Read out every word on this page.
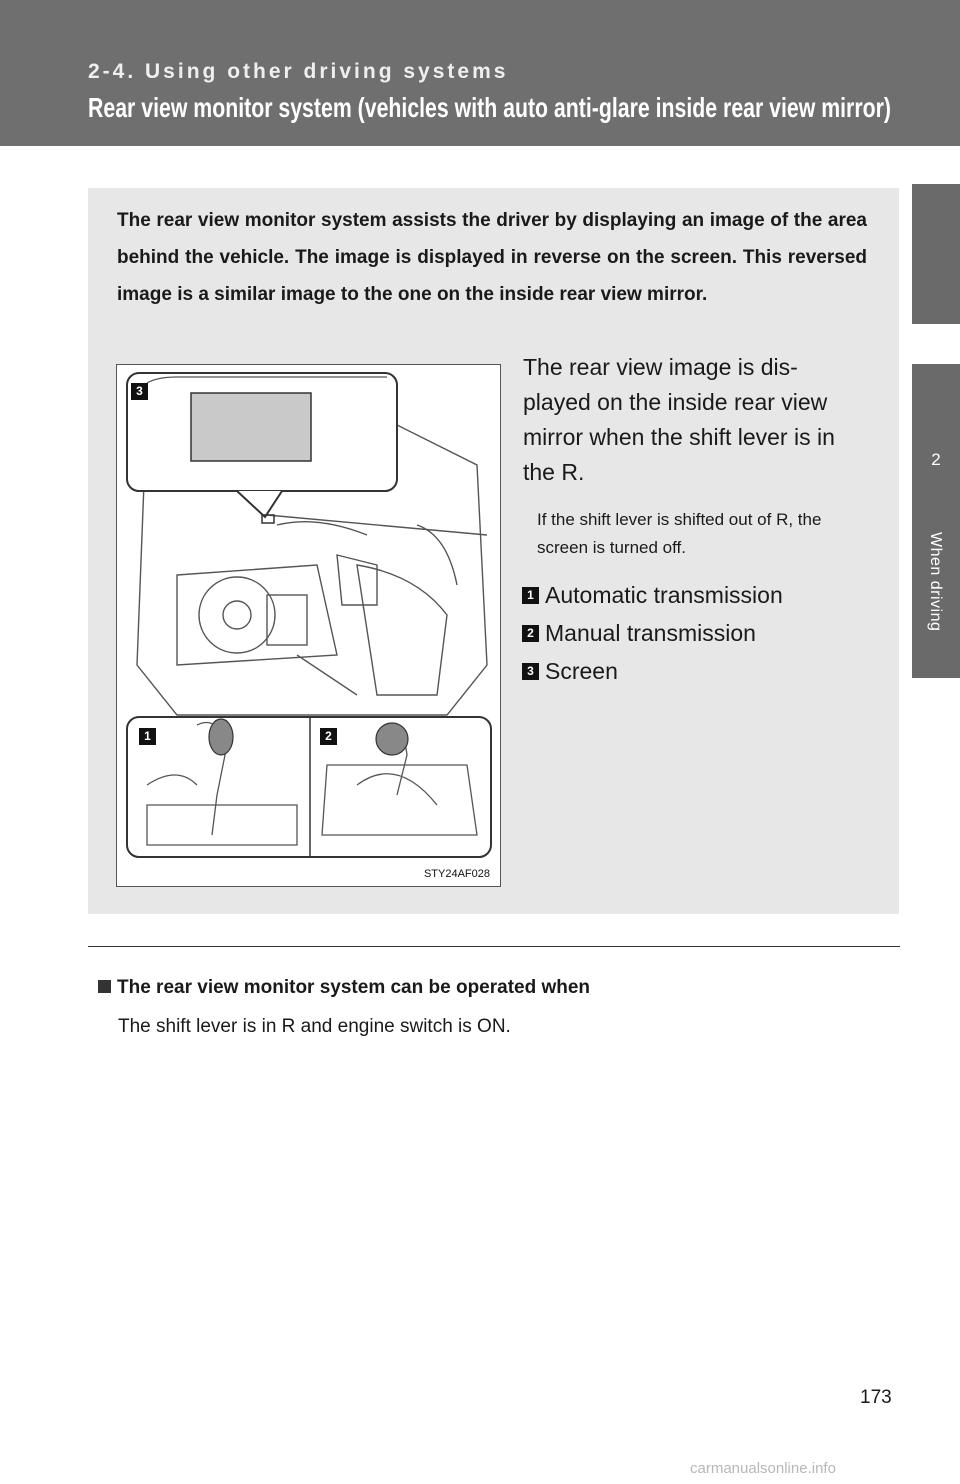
2-4. Using other driving systems
Rear view monitor system (vehicles with auto anti-glare inside rear view mirror)
2
When driving

The rear view monitor system assists the driver by displaying an image of the area behind the vehicle. The image is displayed in reverse on the screen. This reversed image is a similar image to the one on the inside rear view mirror.

3
1	2
STY24AF028

The rear view image is dis- played on the inside rear view mirror when the shift lever is in the R.

If the shift lever is shifted out of R, the screen is turned off.

1 Automatic transmission
2 Manual transmission
3 Screen

The rear view monitor system can be operated when

The shift lever is in R and engine switch is ON.

173
carmanualsonline.info
